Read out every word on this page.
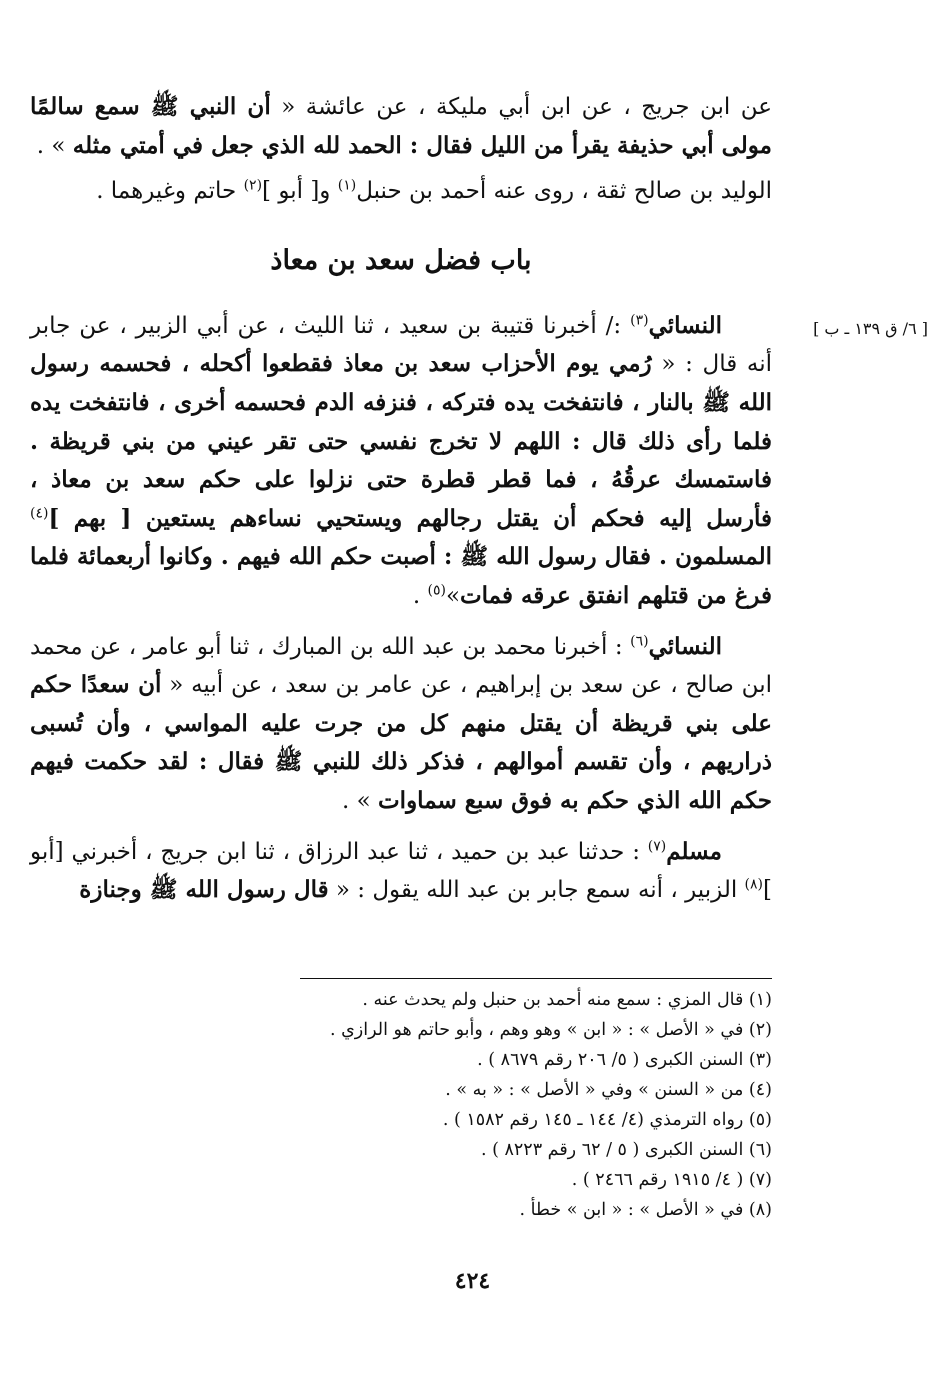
[ ٦/ ق ١٣٩ ـ ب ]

عن ابن جريج ، عن ابن أبي مليكة ، عن عائشة « أن النبي ﷺ سمع سالمًا مولى أبي حذيفة يقرأ من الليل فقال : الحمد لله الذي جعل في أمتي مثله » .

الوليد بن صالح ثقة ، روى عنه أحمد بن حنبل$^{(١)}$ و[ أبو ]$^{(٢)}$ حاتم وغيرهما .

باب فضل سعد بن معاذ

النسائي$^{(٣)}$ :/ أخبرنا قتيبة بن سعيد ، ثنا الليث ، عن أبي الزبير ، عن جابر أنه قال : « رُمي يوم الأحزاب سعد بن معاذ فقطعوا أكحله ، فحسمه رسول الله ﷺ بالنار ، فانتفخت يده فتركه ، فنزفه الدم فحسمه أخرى ، فانتفخت يده فلما رأى ذلك قال : اللهم لا تخرج نفسي حتى تقر عيني من بني قريظة . فاستمسك عرقُهُ ، فما قطر قطرة حتى نزلوا على حكم سعد بن معاذ ، فأرسل إليه فحكم أن يقتل رجالهم ويستحيي نساءهم يستعين [ بهم ]$^{(٤)}$ المسلمون . فقال رسول الله ﷺ : أصبت حكم الله فيهم . وكانوا أربعمائة فلما فرغ من قتلهم انفتق عرقه فمات»$^{(٥)}$ .

النسائي$^{(٦)}$ : أخبرنا محمد بن عبد الله بن المبارك ، ثنا أبو عامر ، عن محمد ابن صالح ، عن سعد بن إبراهيم ، عن عامر بن سعد ، عن أبيه « أن سعدًا حكم على بني قريظة أن يقتل منهم كل من جرت عليه المواسي ، وأن تُسبى ذراريهم ، وأن تقسم أموالهم ، فذكر ذلك للنبي ﷺ فقال : لقد حكمت فيهم حكم الله الذي حكم به فوق سبع سماوات » .

مسلم$^{(٧)}$ : حدثنا عبد بن حميد ، ثنا عبد الرزاق ، ثنا ابن جريج ، أخبرني [أبو ]$^{(٨)}$ الزبير ، أنه سمع جابر بن عبد الله يقول : « قال رسول الله ﷺ وجنازة

(١) قال المزي : سمع منه أحمد بن حنبل ولم يحدث عنه .
(٢) في « الأصل » : « ابن » وهو وهم ، وأبو حاتم هو الرازي .
(٣) السنن الكبرى ( ٥/ ٢٠٦ رقم ٨٦٧٩ ) .
(٤) من « السنن » وفي « الأصل » : « به » .
(٥) رواه الترمذي (٤/ ١٤٤ ـ ١٤٥ رقم ١٥٨٢ ) .
(٦) السنن الكبرى ( ٥ / ٦٢ رقم ٨٢٢٣ ) .
(٧) ( ٤/ ١٩١٥ رقم ٢٤٦٦ ) .
(٨) في « الأصل » : « ابن » خطأ .
٤٢٤
